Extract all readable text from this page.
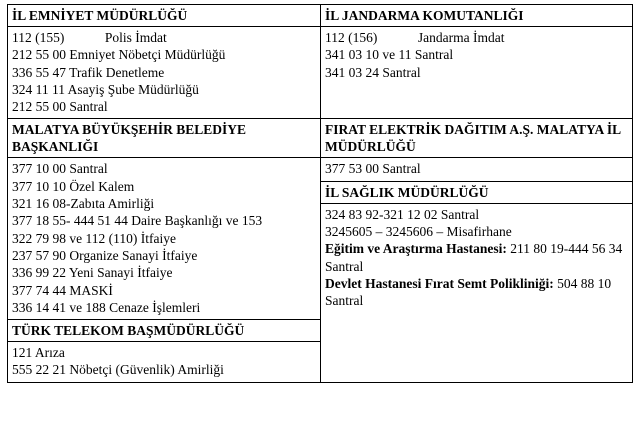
İL EMNİYET MÜDÜRLÜĞÜ
112 (155)            Polis İmdat
212 55 00 Emniyet Nöbetçi Müdürlüğü
336 55 47 Trafik Denetleme
324 11 11 Asayiş Şube Müdürlüğü
212 55 00 Santral

İL JANDARMA KOMUTANLIĞI
112 (156)            Jandarma İmdat
341 03 10 ve 11 Santral
341 03 24 Santral

MALATYA BÜYÜKŞEHİR BELEDİYE BAŞKANLIĞI
377 10 00 Santral
377 10 10 Özel Kalem
321 16 08-Zabıta Amirliği
377 18 55- 444 51 44 Daire Başkanlığı ve 153
322 79 98 ve 112 (110) İtfaiye
237 57 90 Organize Sanayi İtfaiye
336 99 22 Yeni Sanayi İtfaiye
377 74 44 MASKİ
336 14 41 ve 188 Cenaze İşlemleri
TÜRK TELEKOM BAŞMÜDÜRLÜĞÜ
121 Arıza
555 22 21 Nöbetçi (Güvenlik) Amirliği

FIRAT ELEKTRİK DAĞITIM A.Ş. MALATYA İL MÜDÜRLÜĞÜ
377 53 00 Santral
İL SAĞLIK MÜDÜRLÜĞÜ
324 83 92-321 12 02 Santral
3245605 – 3245606 – Misafirhane
Eğitim ve Araştırma Hastanesi: 211 80 19-444 56 34 Santral
Devlet Hastanesi Fırat Semt Polikliniği: 504 88 10 Santral
